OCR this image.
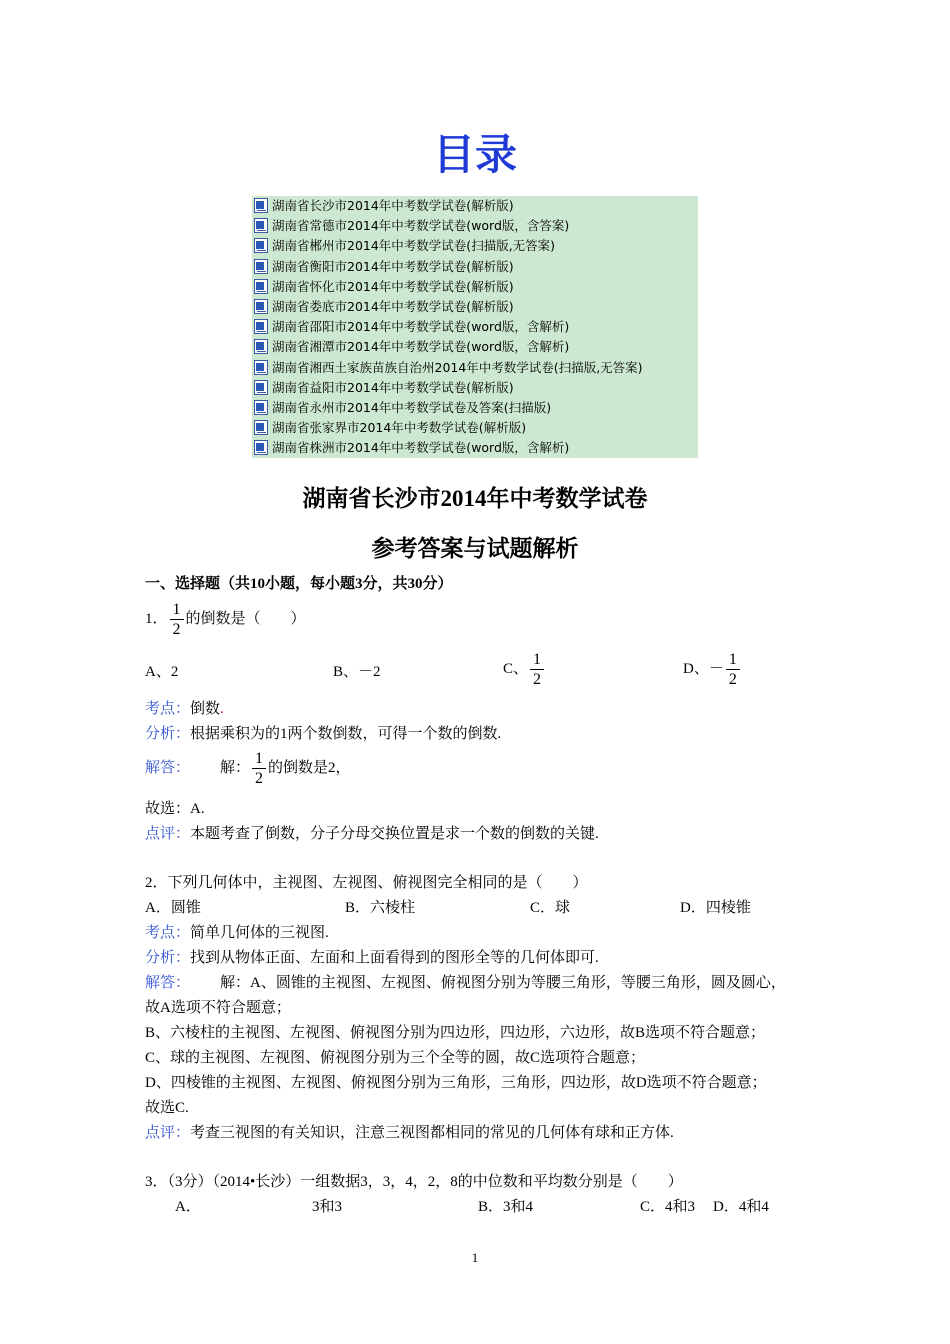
目录
湖南省长沙市2014年中考数学试卷(解析版)
湖南省常德市2014年中考数学试卷(word版，含答案)
湖南省郴州市2014年中考数学试卷(扫描版,无答案)
湖南省衡阳市2014年中考数学试卷(解析版)
湖南省怀化市2014年中考数学试卷(解析版)
湖南省娄底市2014年中考数学试卷(解析版)
湖南省邵阳市2014年中考数学试卷(word版，含解析)
湖南省湘潭市2014年中考数学试卷(word版，含解析)
湖南省湘西土家族苗族自治州2014年中考数学试卷(扫描版,无答案)
湖南省益阳市2014年中考数学试卷(解析版)
湖南省永州市2014年中考数学试卷及答案(扫描版)
湖南省张家界市2014年中考数学试卷(解析版)
湖南省株洲市2014年中考数学试卷(word版，含解析)
湖南省长沙市2014年中考数学试卷
参考答案与试题解析
一、选择题（共10小题，每小题3分，共30分）
1． $\frac{1}{2}$ 的倒数是（　　）
A、2	B、－2	C、 $\frac{1}{2}$	D、－ $\frac{1}{2}$
考点：倒数.
分析：根据乘积为的1两个数倒数，可得一个数的倒数.
解答： 解： $\frac{1}{2}$ 的倒数是2，
故选：A.
点评：本题考查了倒数，分子分母交换位置是求一个数的倒数的关键.
2．下列几何体中，主视图、左视图、俯视图完全相同的是（　　）
A．圆锥	B．六棱柱	C．球	D．四棱锥
考点：简单几何体的三视图.
分析：找到从物体正面、左面和上面看得到的图形全等的几何体即可.
解答： 解：A、圆锥的主视图、左视图、俯视图分别为等腰三角形，等腰三角形，圆及圆心，
故A选项不符合题意；
B、六棱柱的主视图、左视图、俯视图分别为四边形，四边形，六边形，故B选项不符合题意；
C、球的主视图、左视图、俯视图分别为三个全等的圆，故C选项符合题意；
D、四棱锥的主视图、左视图、俯视图分别为三角形，三角形，四边形，故D选项不符合题意；
故选C.
点评：考查三视图的有关知识，注意三视图都相同的常见的几何体有球和正方体.
3．（3分）（2014•长沙）一组数据3，3，4，2，8的中位数和平均数分别是（　　）
A．	3和3	B．3和4	C．4和3 D．4和4
1
